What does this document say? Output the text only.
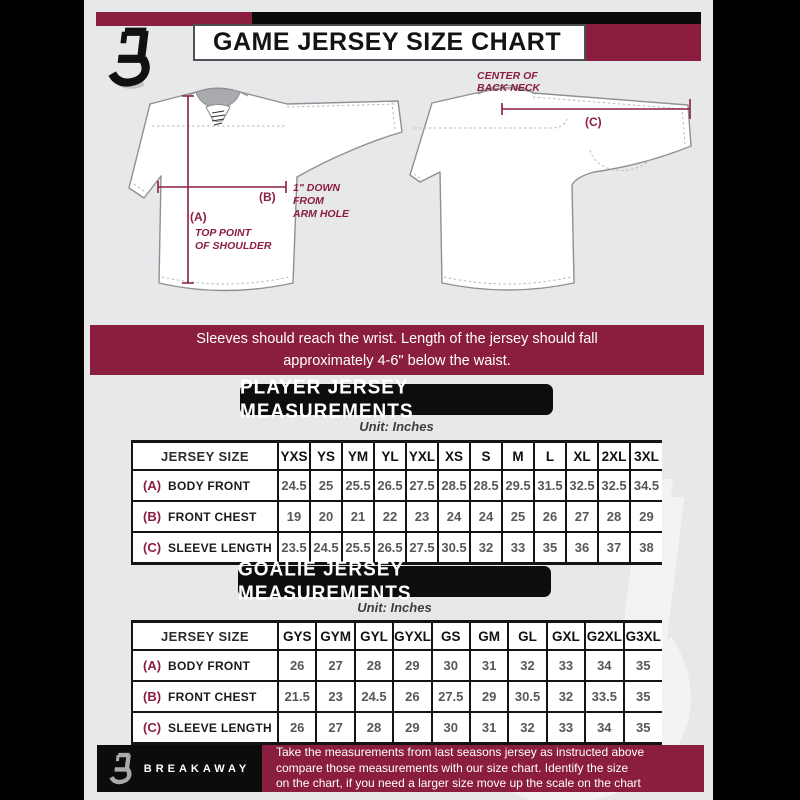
GAME JERSEY SIZE CHART
(A)
TOP POINT
OF SHOULDER
(B)
1" DOWN
FROM
ARM HOLE
(C)
CENTER OF
BACK NECK
Sleeves should reach the wrist. Length of the jersey should fall
approximately 4-6" below the waist.
PLAYER JERSEY MEASUREMENTS
Unit: Inches
JERSEY SIZE	YXS	YS	YM	YL	YXL	XS	S	M	L	XL	2XL	3XL
(A) BODY FRONT	24.5	25	25.5	26.5	27.5	28.5	28.5	29.5	31.5	32.5	32.5	34.5
(B) FRONT CHEST	19	20	21	22	23	24	24	25	26	27	28	29
(C) SLEEVE LENGTH	23.5	24.5	25.5	26.5	27.5	30.5	32	33	35	36	37	38
GOALIE JERSEY MEASUREMENTS
Unit: Inches
JERSEY SIZE	GYS	GYM	GYL	GYXL	GS	GM	GL	GXL	G2XL	G3XL
(A) BODY FRONT	26	27	28	29	30	31	32	33	34	35
(B) FRONT CHEST	21.5	23	24.5	26	27.5	29	30.5	32	33.5	35
(C) SLEEVE LENGTH	26	27	28	29	30	31	32	33	34	35
BREAKAWAY
Take the measurements from last seasons jersey as instructed above
compare those measurements with our size chart. Identify the size
on the chart, if you need a larger size move up the scale on the chart
